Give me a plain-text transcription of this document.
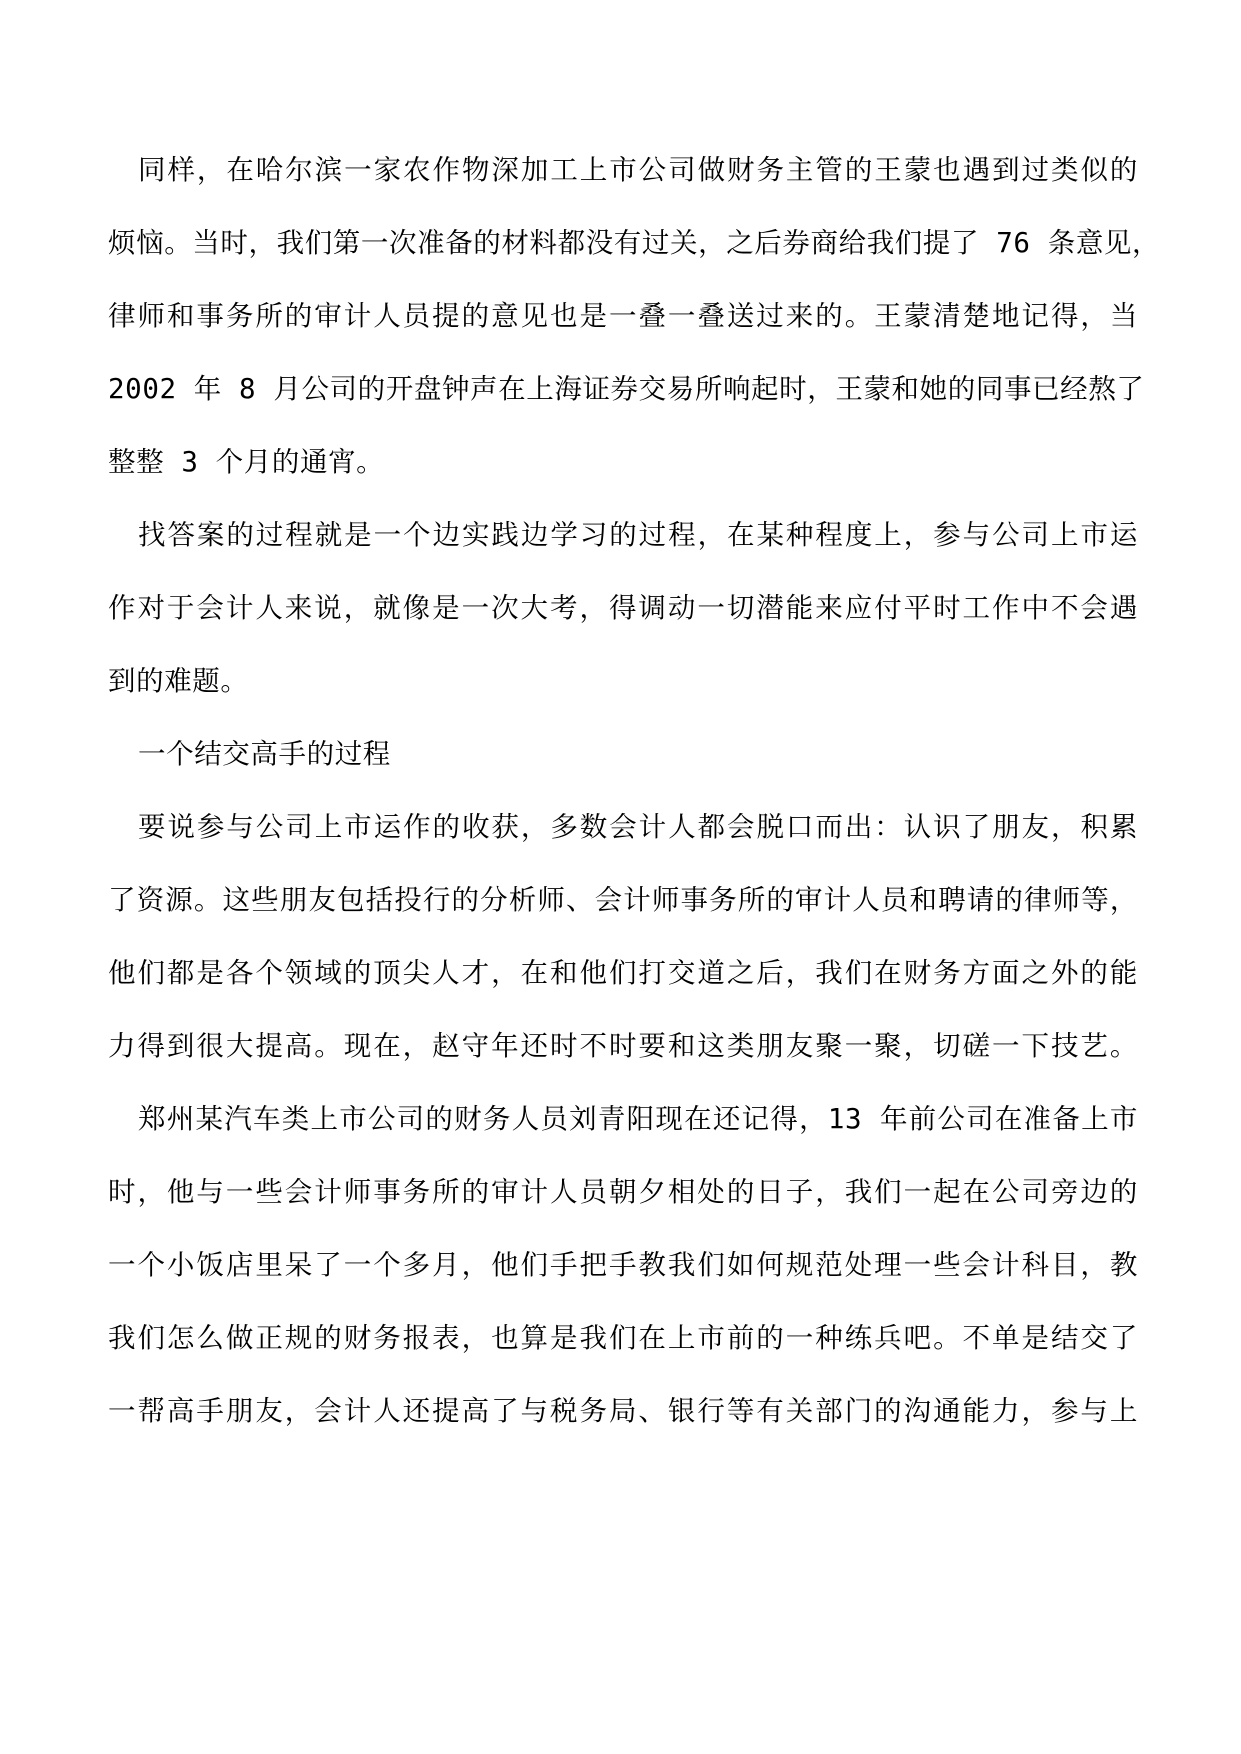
同样，在哈尔滨一家农作物深加工上市公司做财务主管的王蒙也遇到过类似的
烦恼。当时，我们第一次准备的材料都没有过关，之后券商给我们提了 76 条意见，
律师和事务所的审计人员提的意见也是一叠一叠送过来的。王蒙清楚地记得，当
2002 年 8 月公司的开盘钟声在上海证券交易所响起时，王蒙和她的同事已经熬了
整整 3 个月的通宵。
找答案的过程就是一个边实践边学习的过程，在某种程度上，参与公司上市运
作对于会计人来说，就像是一次大考，得调动一切潜能来应付平时工作中不会遇
到的难题。
一个结交高手的过程
要说参与公司上市运作的收获，多数会计人都会脱口而出：认识了朋友，积累
了资源。这些朋友包括投行的分析师、会计师事务所的审计人员和聘请的律师等，
他们都是各个领域的顶尖人才，在和他们打交道之后，我们在财务方面之外的能
力得到很大提高。现在，赵守年还时不时要和这类朋友聚一聚，切磋一下技艺。
郑州某汽车类上市公司的财务人员刘青阳现在还记得，13 年前公司在准备上市
时，他与一些会计师事务所的审计人员朝夕相处的日子，我们一起在公司旁边的
一个小饭店里呆了一个多月，他们手把手教我们如何规范处理一些会计科目，教
我们怎么做正规的财务报表，也算是我们在上市前的一种练兵吧。不单是结交了
一帮高手朋友，会计人还提高了与税务局、银行等有关部门的沟通能力，参与上
